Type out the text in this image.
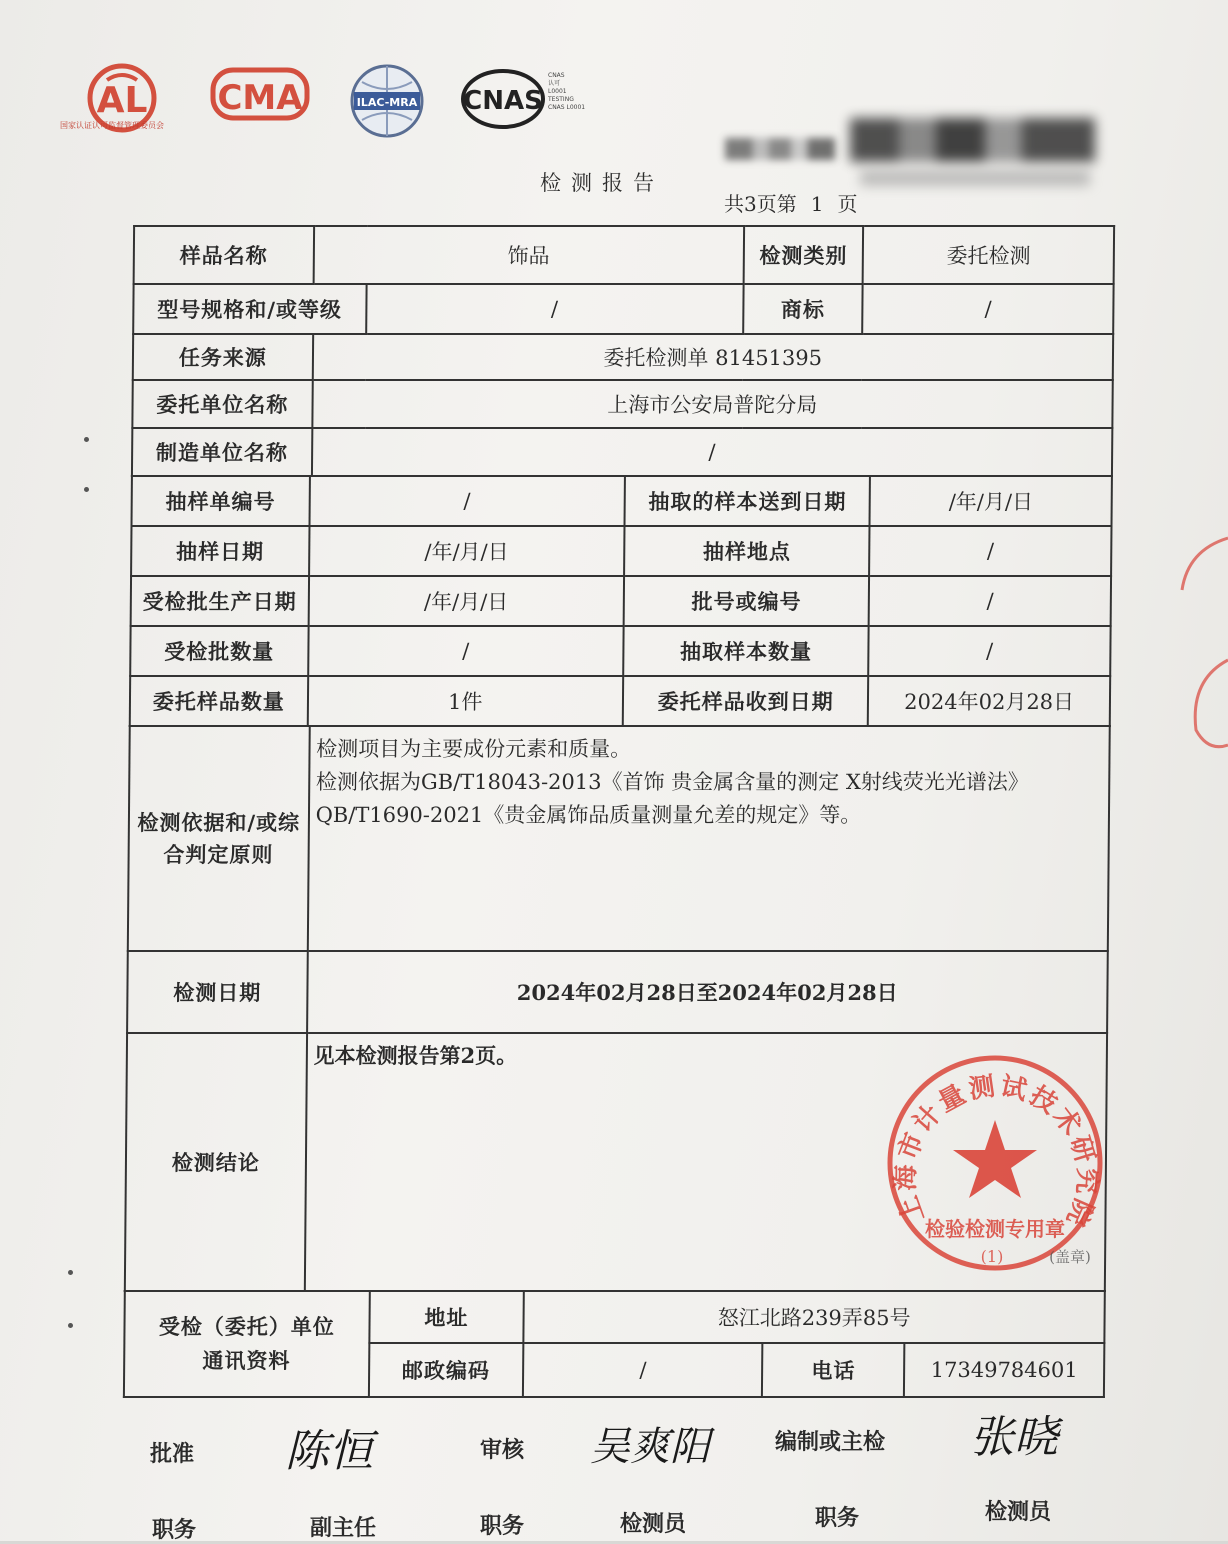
AL
国家认证认可监督管理委员会
CMA	ILAC-MRA CNAS
CNAS
认可
L0001
TESTING
CNAS L0001
检测报告
共3页第 1 页
样品名称	饰品		检测类别	委托检测
型号规格和/或等级		/	商标	/
任务来源	委托检测单 81451395			
委托单位名称	上海市公安局普陀分局			
制造单位名称	/			
抽样单编号	/	抽取的样本送到日期	/年/月/日
抽样日期	/年/月/日	抽样地点	/
受检批生产日期	/年/月/日	批号或编号	/
受检批数量	/	抽取样本数量	/
委托样品数量	1件	委托样品收到日期	2024年02月28日
检测依据和/或综合判定原则	检测项目为主要成份元素和质量。
检测依据为GB/T18043-2013《首饰 贵金属含量的测定 X射线荧光光谱法》
QB/T1690-2021《贵金属饰品质量测量允差的规定》等。

检测日期	2024年02月28日至2024年02月28日
检测结论	见本检测报告第2页。
受检（委托）单位通讯资料	地址	怒江北路239弄85号		
	邮政编码	/	电话	17349784601
上海市计量测试技术研究院
检验检测专用章
(1)	(盖章)
批准 陈恒	审核 吴爽阳	编制或主检 张晓
职务	副主任	职务	检测员	职务	检测员
